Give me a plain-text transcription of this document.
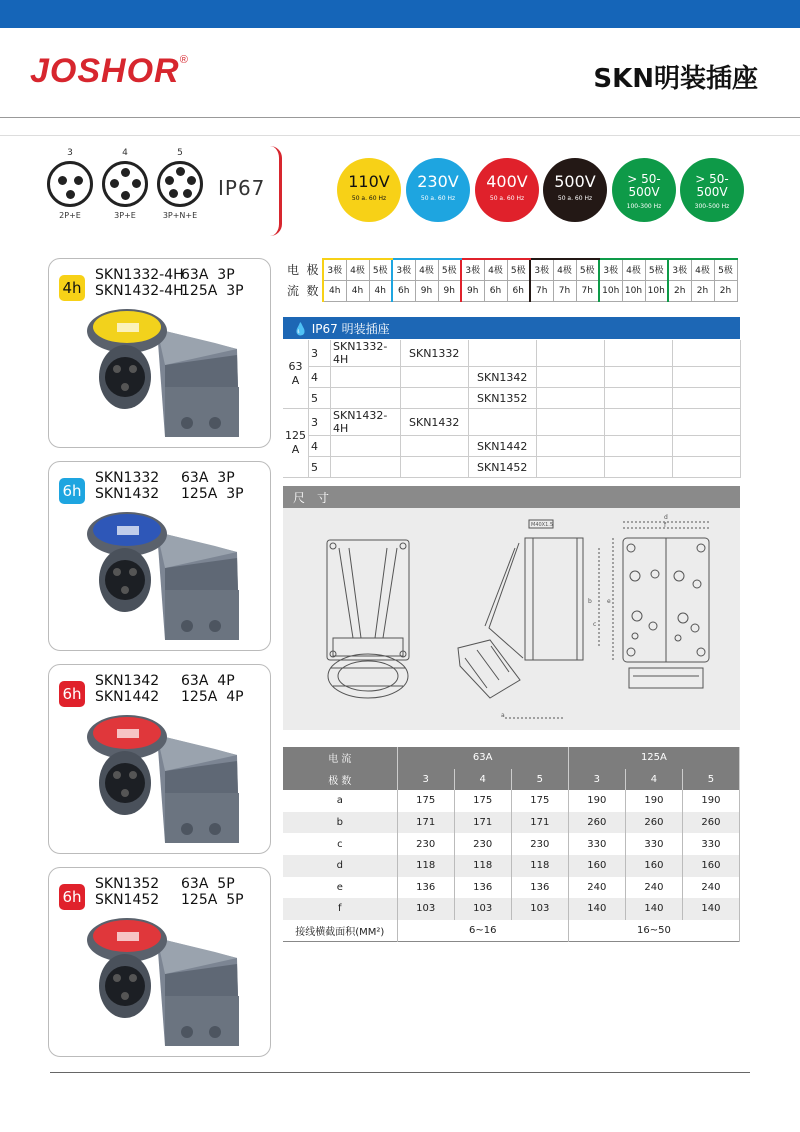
JOSHOR®
SKN明装插座
3
2P+E
4
3P+E
5
3P+N+E
IP67	110V
50 a. 60 Hz
230V
50 a. 60 Hz
400V
50 a. 60 Hz
500V
50 a. 60 Hz
> 50-
500V
100-300 Hz
> 50-
500V
300-500 Hz
4h
SKN1332-4H
SKN1432-4H
63A  3P
125A  3P
6h
SKN1332
SKN1432
63A  3P
125A  3P
6h
SKN1342
SKN1442
63A  4P
125A  4P
6h
SKN1352
SKN1452
63A  5P
125A  5P
电	极	3极	4极	5极	3极	4极	5极	3极	4极	5极	3极	4极	5极	3极	4极	5极	3极	4极	5极
流	数	4h	4h	4h	6h	9h	9h	9h	6h	6h	7h	7h	7h	10h	10h	10h	2h	2h	2h
💧 IP67 明装插座
63
A	3	SKN1332-4H	SKN1332				
	4			SKN1342			
	5			SKN1352			
125
A	3	SKN1432-4H	SKN1432				
	4			SKN1442			
	5			SKN1452			
尺　寸
M40X1.5
b
a
d
f
e
c
电 流	63A			125A		
极 数	3	4	5	3	4	5
a	175	175	175	190	190	190
b	171	171	171	260	260	260
c	230	230	230	330	330	330
d	118	118	118	160	160	160
e	136	136	136	240	240	240
f	103	103	103	140	140	140
接线横截面积(MM²)	6~16			16~50		
